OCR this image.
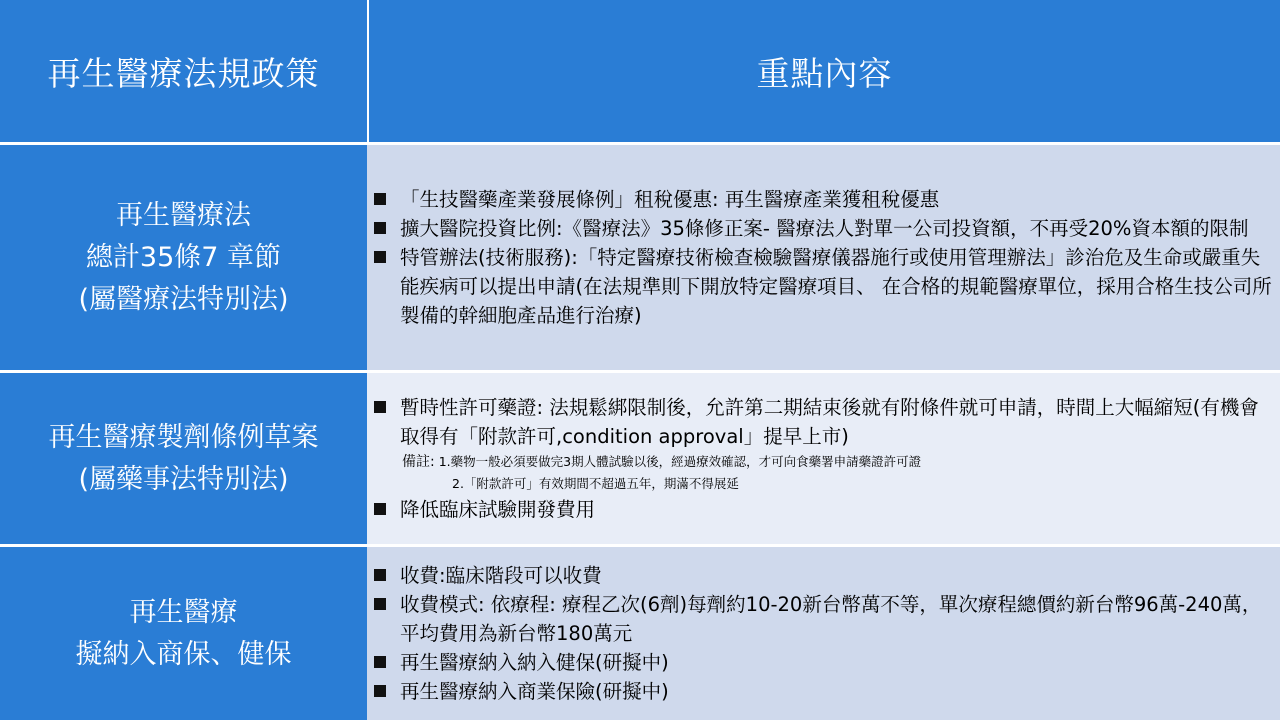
再生醫療法規政策	重點內容
「生技醫藥產業發展條例」租稅優惠: 再生醫療產業獲租稅優惠
擴大醫院投資比例:《醫療法》35條修正案- 醫療法人對單一公司投資額，不再受20%資本額的限制
特管辦法(技術服務):「特定醫療技術檢查檢驗醫療儀器施行或使用管理辦法」診治危及生命或嚴重失能疾病可以提出申請(在法規準則下開放特定醫療項目、 在合格的規範醫療單位，採用合格生技公司所製備的幹細胞產品進行治療)
再生醫療法
總計35條7 章節
(屬醫療法特別法)
暫時性許可藥證: 法規鬆綁限制後，允許第二期結束後就有附條件就可申請，時間上大幅縮短(有機會取得有「附款許可,condition approval」提早上市)
備註: 1.藥物一般必須要做完3期人體試驗以後，經過療效確認，才可向食藥署申請藥證許可證
2.「附款許可」有效期間不超過五年，期滿不得展延
降低臨床試驗開發費用
再生醫療製劑條例草案
(屬藥事法特別法)
收費:臨床階段可以收費
收費模式: 依療程: 療程乙次(6劑)每劑約10-20新台幣萬不等，單次療程總價約新台幣96萬-240萬，平均費用為新台幣180萬元
再生醫療納入納入健保(研擬中)
再生醫療納入商業保險(研擬中)
再生醫療
擬納入商保、健保
